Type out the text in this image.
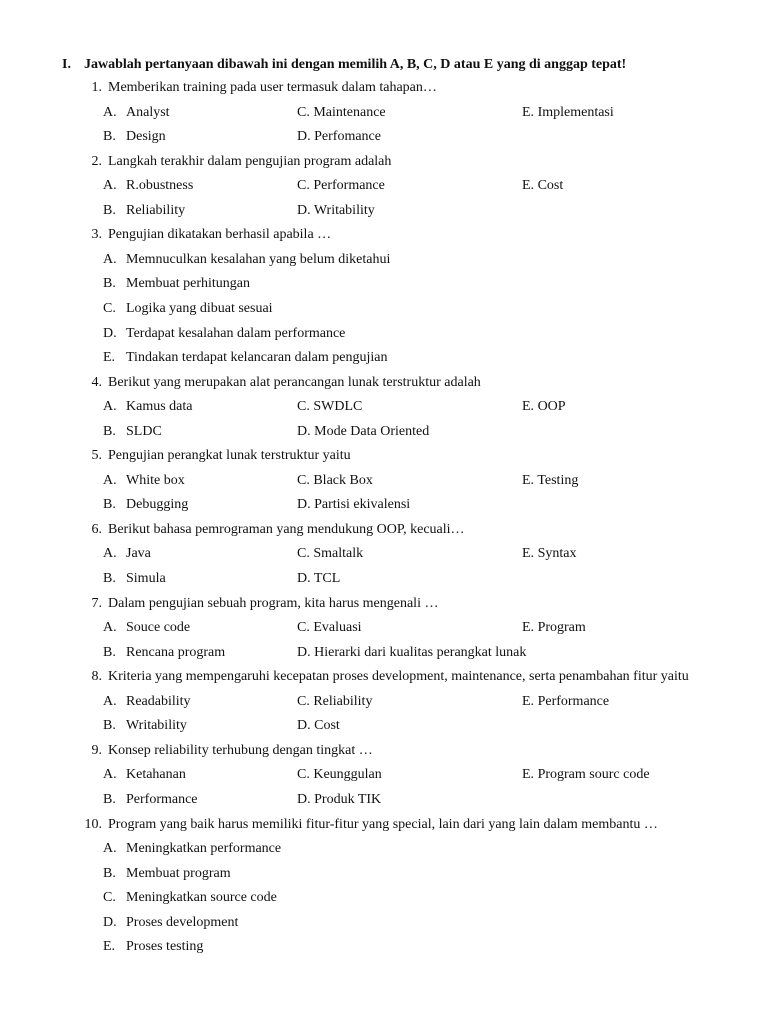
I. Jawablah pertanyaan dibawah ini dengan memilih A, B, C, D atau E yang di anggap tepat!
1. Memberikan training pada user termasuk dalam tahapan…
A. Analyst
B. Design
C. Maintenance
D. Perfomance
E. Implementasi
2. Langkah terakhir dalam pengujian program adalah
A. R.obustness
B. Reliability
C. Performance
D. Writability
E. Cost
3. Pengujian dikatakan berhasil apabila …
A. Memnuculkan kesalahan yang belum diketahui
B. Membuat perhitungan
C. Logika yang dibuat sesuai
D. Terdapat kesalahan dalam performance
E. Tindakan terdapat kelancaran dalam pengujian
4. Berikut yang merupakan alat perancangan lunak terstruktur adalah
A. Kamus data
B. SLDC
C. SWDLC
D. Mode Data Oriented
E. OOP
5. Pengujian perangkat lunak terstruktur yaitu
A. White box
B. Debugging
C. Black Box
D. Partisi ekivalensi
E. Testing
6. Berikut bahasa pemrograman yang mendukung OOP, kecuali…
A. Java
B. Simula
C. Smaltalk
D. TCL
E. Syntax
7. Dalam pengujian sebuah program, kita harus mengenali …
A. Souce code
B. Rencana program
C. Evaluasi
D. Hierarki dari kualitas perangkat lunak
E. Program
8. Kriteria yang mempengaruhi kecepatan proses development, maintenance, serta penambahan fitur yaitu
A. Readability
B. Writability
C. Reliability
D. Cost
E. Performance
9. Konsep reliability terhubung dengan tingkat …
A. Ketahanan
B. Performance
C. Keunggulan
D. Produk TIK
E. Program sourc code
10. Program yang baik harus memiliki fitur-fitur yang special, lain dari yang lain dalam membantu …
A. Meningkatkan performance
B. Membuat program
C. Meningkatkan source code
D. Proses development
E. Proses testing
